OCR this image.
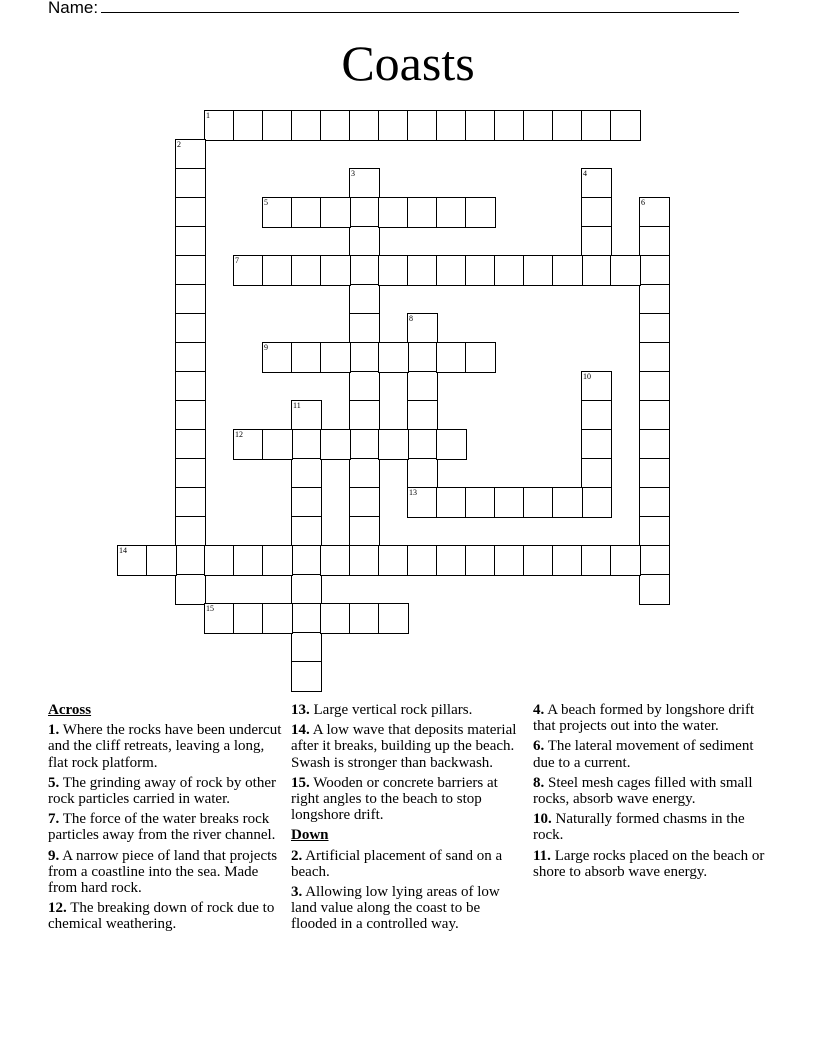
Name:
Coasts
1
2
3	4
5	6
7
8
13
9
10
11
12
14
15
Across
1. Where the rocks have been undercut and the cliff retreats, leaving a long, flat rock platform.
5. The grinding away of rock by other rock particles carried in water.
7. The force of the water breaks rock particles away from the river channel.
9. A narrow piece of land that projects from a coastline into the sea. Made from hard rock.
12. The breaking down of rock due to chemical weathering.
13. Large vertical rock pillars.
14. A low wave that deposits material after it breaks, building up the beach. Swash is stronger than backwash.
15. Wooden or concrete barriers at right angles to the beach to stop longshore drift.
Down
2. Artificial placement of sand on a beach.
3. Allowing low lying areas of low land value along the coast to be flooded in a controlled way.
4. A beach formed by longshore drift that projects out into the water.
6. The lateral movement of sediment due to a current.
8. Steel mesh cages filled with small rocks, absorb wave energy.
10. Naturally formed chasms in the rock.
11. Large rocks placed on the beach or shore to absorb wave energy.
